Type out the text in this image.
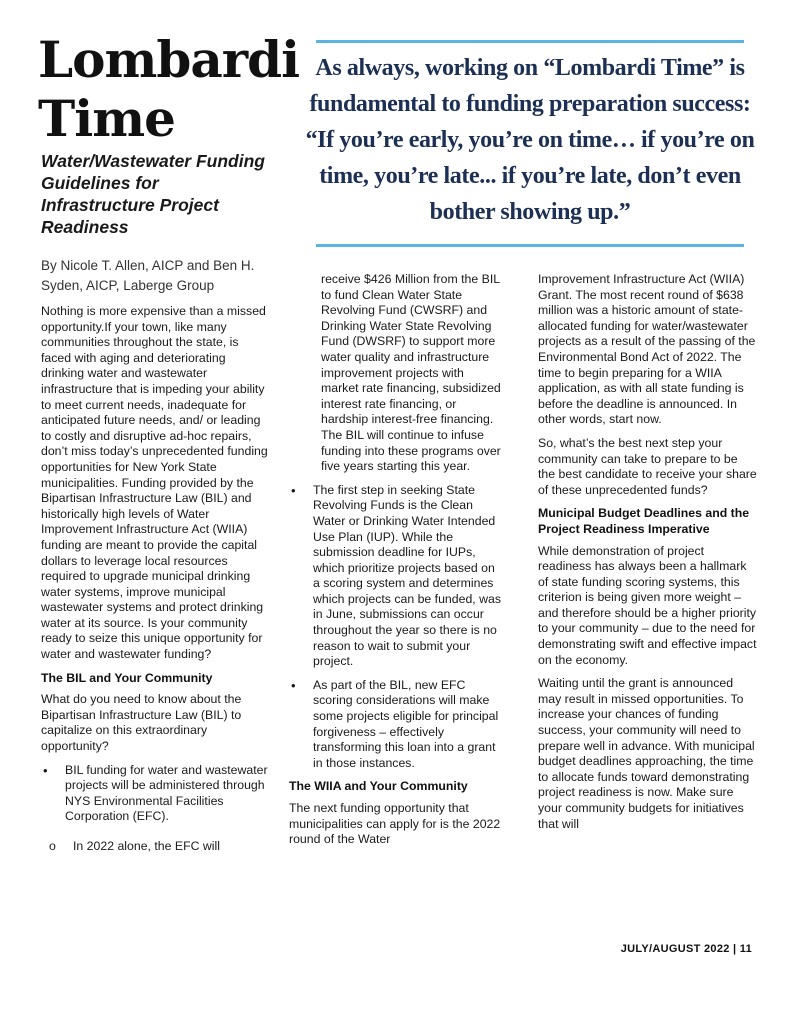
Lombardi Time
Water/Wastewater Funding Guidelines for Infrastructure Project Readiness

By Nicole T. Allen, AICP and Ben H. Syden, AICP, Laberge Group

As always, working on “Lombardi Time” is fundamental to funding preparation success: “If you’re early, you’re on time… if you’re on time, you’re late... if you’re late, don’t even bother showing up.”

Nothing is more expensive than a missed opportunity.If your town, like many communities throughout the state, is faced with aging and deteriorating drinking water and wastewater infrastructure that is impeding your ability to meet current needs, inadequate for anticipated future needs, and/ or leading to costly and disruptive ad-hoc repairs, don’t miss today’s unprecedented funding opportunities for New York State municipalities. Funding provided by the Bipartisan Infrastructure Law (BIL) and historically high levels of Water Improvement Infrastructure Act (WIIA) funding are meant to provide the capital dollars to leverage local resources required to upgrade municipal drinking water systems, improve municipal wastewater systems and protect drinking water at its source. Is your community ready to seize this unique opportunity for water and wastewater funding?

The BIL and Your Community

What do you need to know about the Bipartisan Infrastructure Law (BIL) to capitalize on this extraordinary opportunity?

• BIL funding for water and wastewater projects will be administered through NYS Environmental Facilities Corporation (EFC).
o In 2022 alone, the EFC will

receive $426 Million from the BIL to fund Clean Water State Revolving Fund (CWSRF) and Drinking Water State Revolving Fund (DWSRF) to support more water quality and infrastructure improvement projects with market rate financing, subsidized interest rate financing, or hardship interest-free financing. The BIL will continue to infuse funding into these programs over five years starting this year.

• The first step in seeking State Revolving Funds is the Clean Water or Drinking Water Intended Use Plan (IUP). While the submission deadline for IUPs, which prioritize projects based on a scoring system and determines which projects can be funded, was in June, submissions can occur throughout the year so there is no reason to wait to submit your project.
• As part of the BIL, new EFC scoring considerations will make some projects eligible for principal forgiveness – effectively transforming this loan into a grant in those instances.
The WIIA and Your Community

The next funding opportunity that municipalities can apply for is the 2022 round of the Water

Improvement Infrastructure Act (WIIA) Grant. The most recent round of $638 million was a historic amount of state-allocated funding for water/wastewater projects as a result of the passing of the Environmental Bond Act of 2022. The time to begin preparing for a WIIA application, as with all state funding is before the deadline is announced. In other words, start now.

So, what’s the best next step your community can take to prepare to be the best candidate to receive your share of these unprecedented funds?

Municipal Budget Deadlines and the Project Readiness Imperative

While demonstration of project readiness has always been a hallmark of state funding scoring systems, this criterion is being given more weight – and therefore should be a higher priority to your community – due to the need for demonstrating swift and effective impact on the economy.

Waiting until the grant is announced may result in missed opportunities. To increase your chances of funding success, your community will need to prepare well in advance. With municipal budget deadlines approaching, the time to allocate funds toward demonstrating project readiness is now. Make sure your community budgets for initiatives that will

JULY/AUGUST 2022 | 11
